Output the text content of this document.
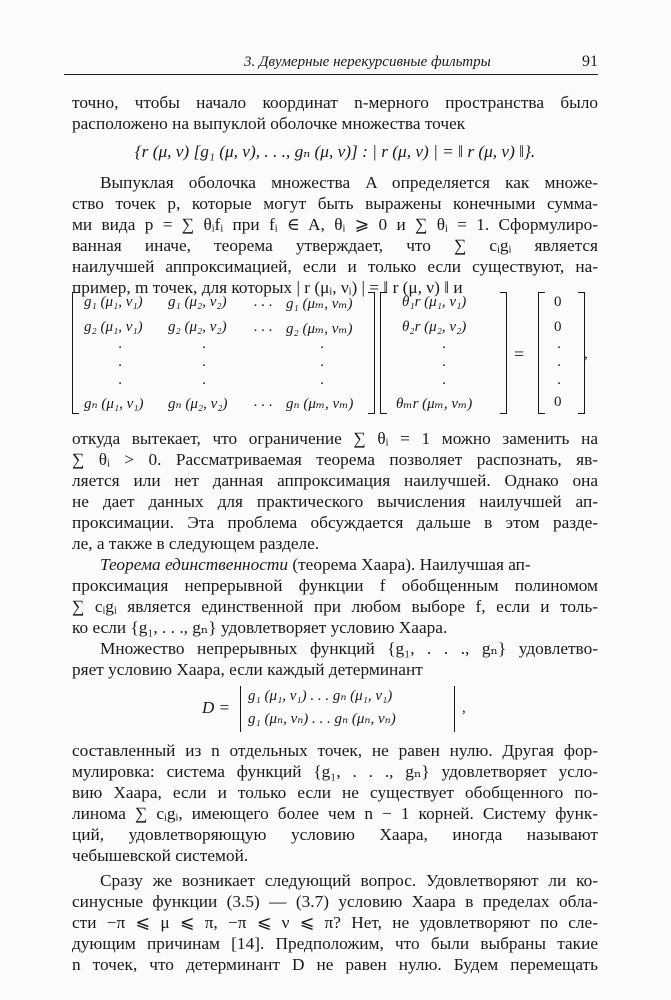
3. Двумерные нерекурсивные фильтры	91
точно, чтобы начало координат n-мерного пространства было
расположено на выпуклой оболочке множества точек
{r (μ, ν) [g₁ (μ, ν), . . ., gₙ (μ, ν)] : | r (μ, ν) | = ‖ r (μ, ν) ‖}.
Выпуклая оболочка множества A определяется как множе-
ство точек p, которые могут быть выражены конечными сумма-
ми вида p = ∑ θᵢfᵢ при fᵢ ∈ A, θᵢ ⩾ 0 и ∑ θᵢ = 1. Сформулиро-
ванная иначе, теорема утверждает, что ∑ cᵢgᵢ является
наилучшей аппроксимацией, если и только если существуют, на-
пример, m точек, для которых | r (μᵢ, νᵢ) | = ‖ r (μ, ν) ‖ и
g₁ (μ₁, ν₁) g₁ (μ₂, ν₂) . . . g₁ (μₘ, νₘ)
g₂ (μ₁, ν₁) g₂ (μ₂, ν₂) . . . g₂ (μₘ, νₘ)
·	·	·
·	·	·
·	·	·
gₙ (μ₁, ν₁) gₙ (μ₂, ν₂) . . . gₙ (μₘ, νₘ)
θ₁r (μ₁, ν₁)
θ₂r (μ₂, ν₂)
·
·
·
θₘr (μₘ, νₘ)
=
0
0
·
·
·
0
,
откуда вытекает, что ограничение ∑ θᵢ = 1 можно заменить на
∑ θᵢ > 0. Рассматриваемая теорема позволяет распознать, яв-
ляется или нет данная аппроксимация наилучшей. Однако она
не дает данных для практического вычисления наилучшей ап-
проксимации. Эта проблема обсуждается дальше в этом разде-
ле, а также в следующем разделе.
Теорема единственности (теорема Хаара). Наилучшая ап-
проксимация непрерывной функции f обобщенным полиномом
∑ cᵢgᵢ является единственной при любом выборе f, если и толь-
ко если {g₁, . . ., gₙ} удовлетворяет условию Хаара.
Множество непрерывных функций {g₁, . . ., gₙ} удовлетво-
ряет условию Хаара, если каждый детерминант
D =
g₁ (μ₁, ν₁) . . . gₙ (μ₁, ν₁)
g₁ (μₙ, νₙ) . . . gₙ (μₙ, νₙ)
,
составленный из n отдельных точек, не равен нулю. Другая фор-
мулировка: система функций {g₁, . . ., gₙ} удовлетворяет усло-
вию Хаара, если и только если не существует обобщенного по-
линома ∑ cᵢgᵢ, имеющего более чем n − 1 корней. Систему функ-
ций, удовлетворяющую условию Хаара, иногда называют
чебышевской системой.
Сразу же возникает следующий вопрос. Удовлетворяют ли ко-
синусные функции (3.5) — (3.7) условию Хаара в пределах обла-
сти −π ⩽ μ ⩽ π, −π ⩽ ν ⩽ π? Нет, не удовлетворяют по сле-
дующим причинам [14]. Предположим, что были выбраны такие
n точек, что детерминант D не равен нулю. Будем перемещать
